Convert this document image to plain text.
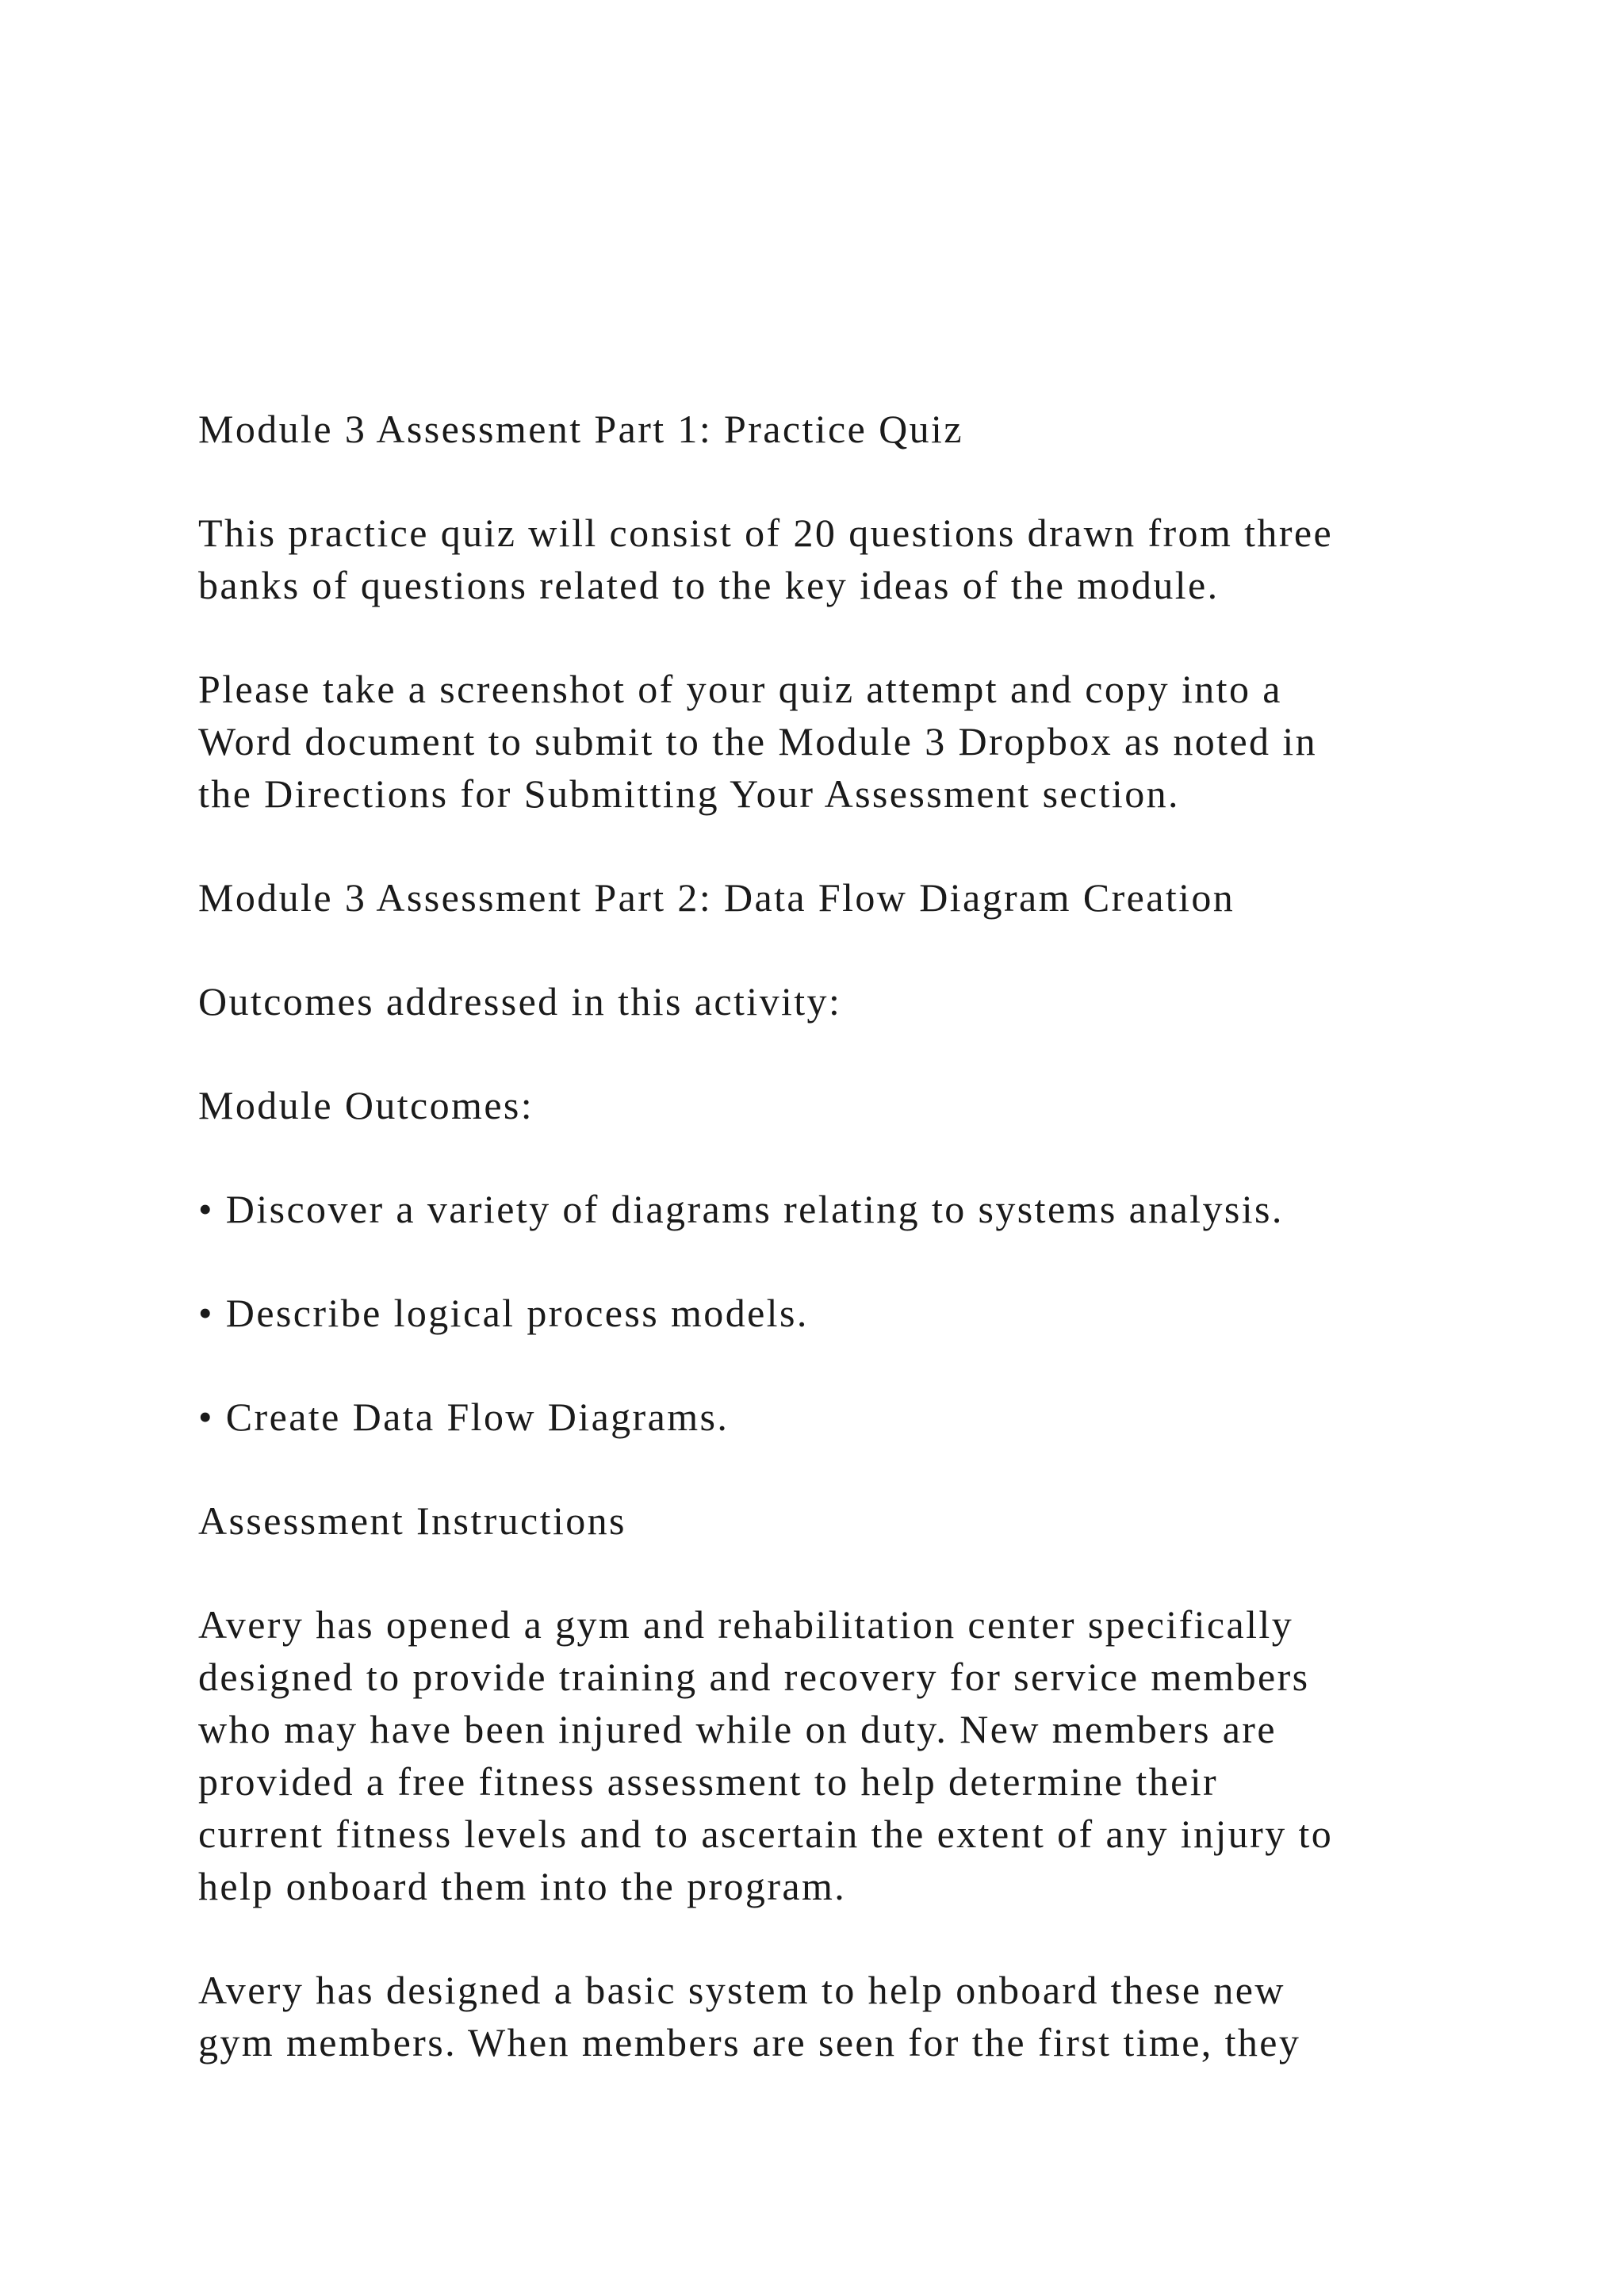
Module 3 Assessment Part 1: Practice Quiz

This practice quiz will consist of 20 questions drawn from three
banks of questions related to the key ideas of the module.

Please take a screenshot of your quiz attempt and copy into a
Word document to submit to the Module 3 Dropbox as noted in
the Directions for Submitting Your Assessment section.

Module 3 Assessment Part 2: Data Flow Diagram Creation

Outcomes addressed in this activity:

Module Outcomes:

• Discover a variety of diagrams relating to systems analysis.

• Describe logical process models.

• Create Data Flow Diagrams.

Assessment Instructions

Avery has opened a gym and rehabilitation center specifically
designed to provide training and recovery for service members
who may have been injured while on duty. New members are
provided a free fitness assessment to help determine their
current fitness levels and to ascertain the extent of any injury to
help onboard them into the program.

Avery has designed a basic system to help onboard these new
gym members. When members are seen for the first time, they
